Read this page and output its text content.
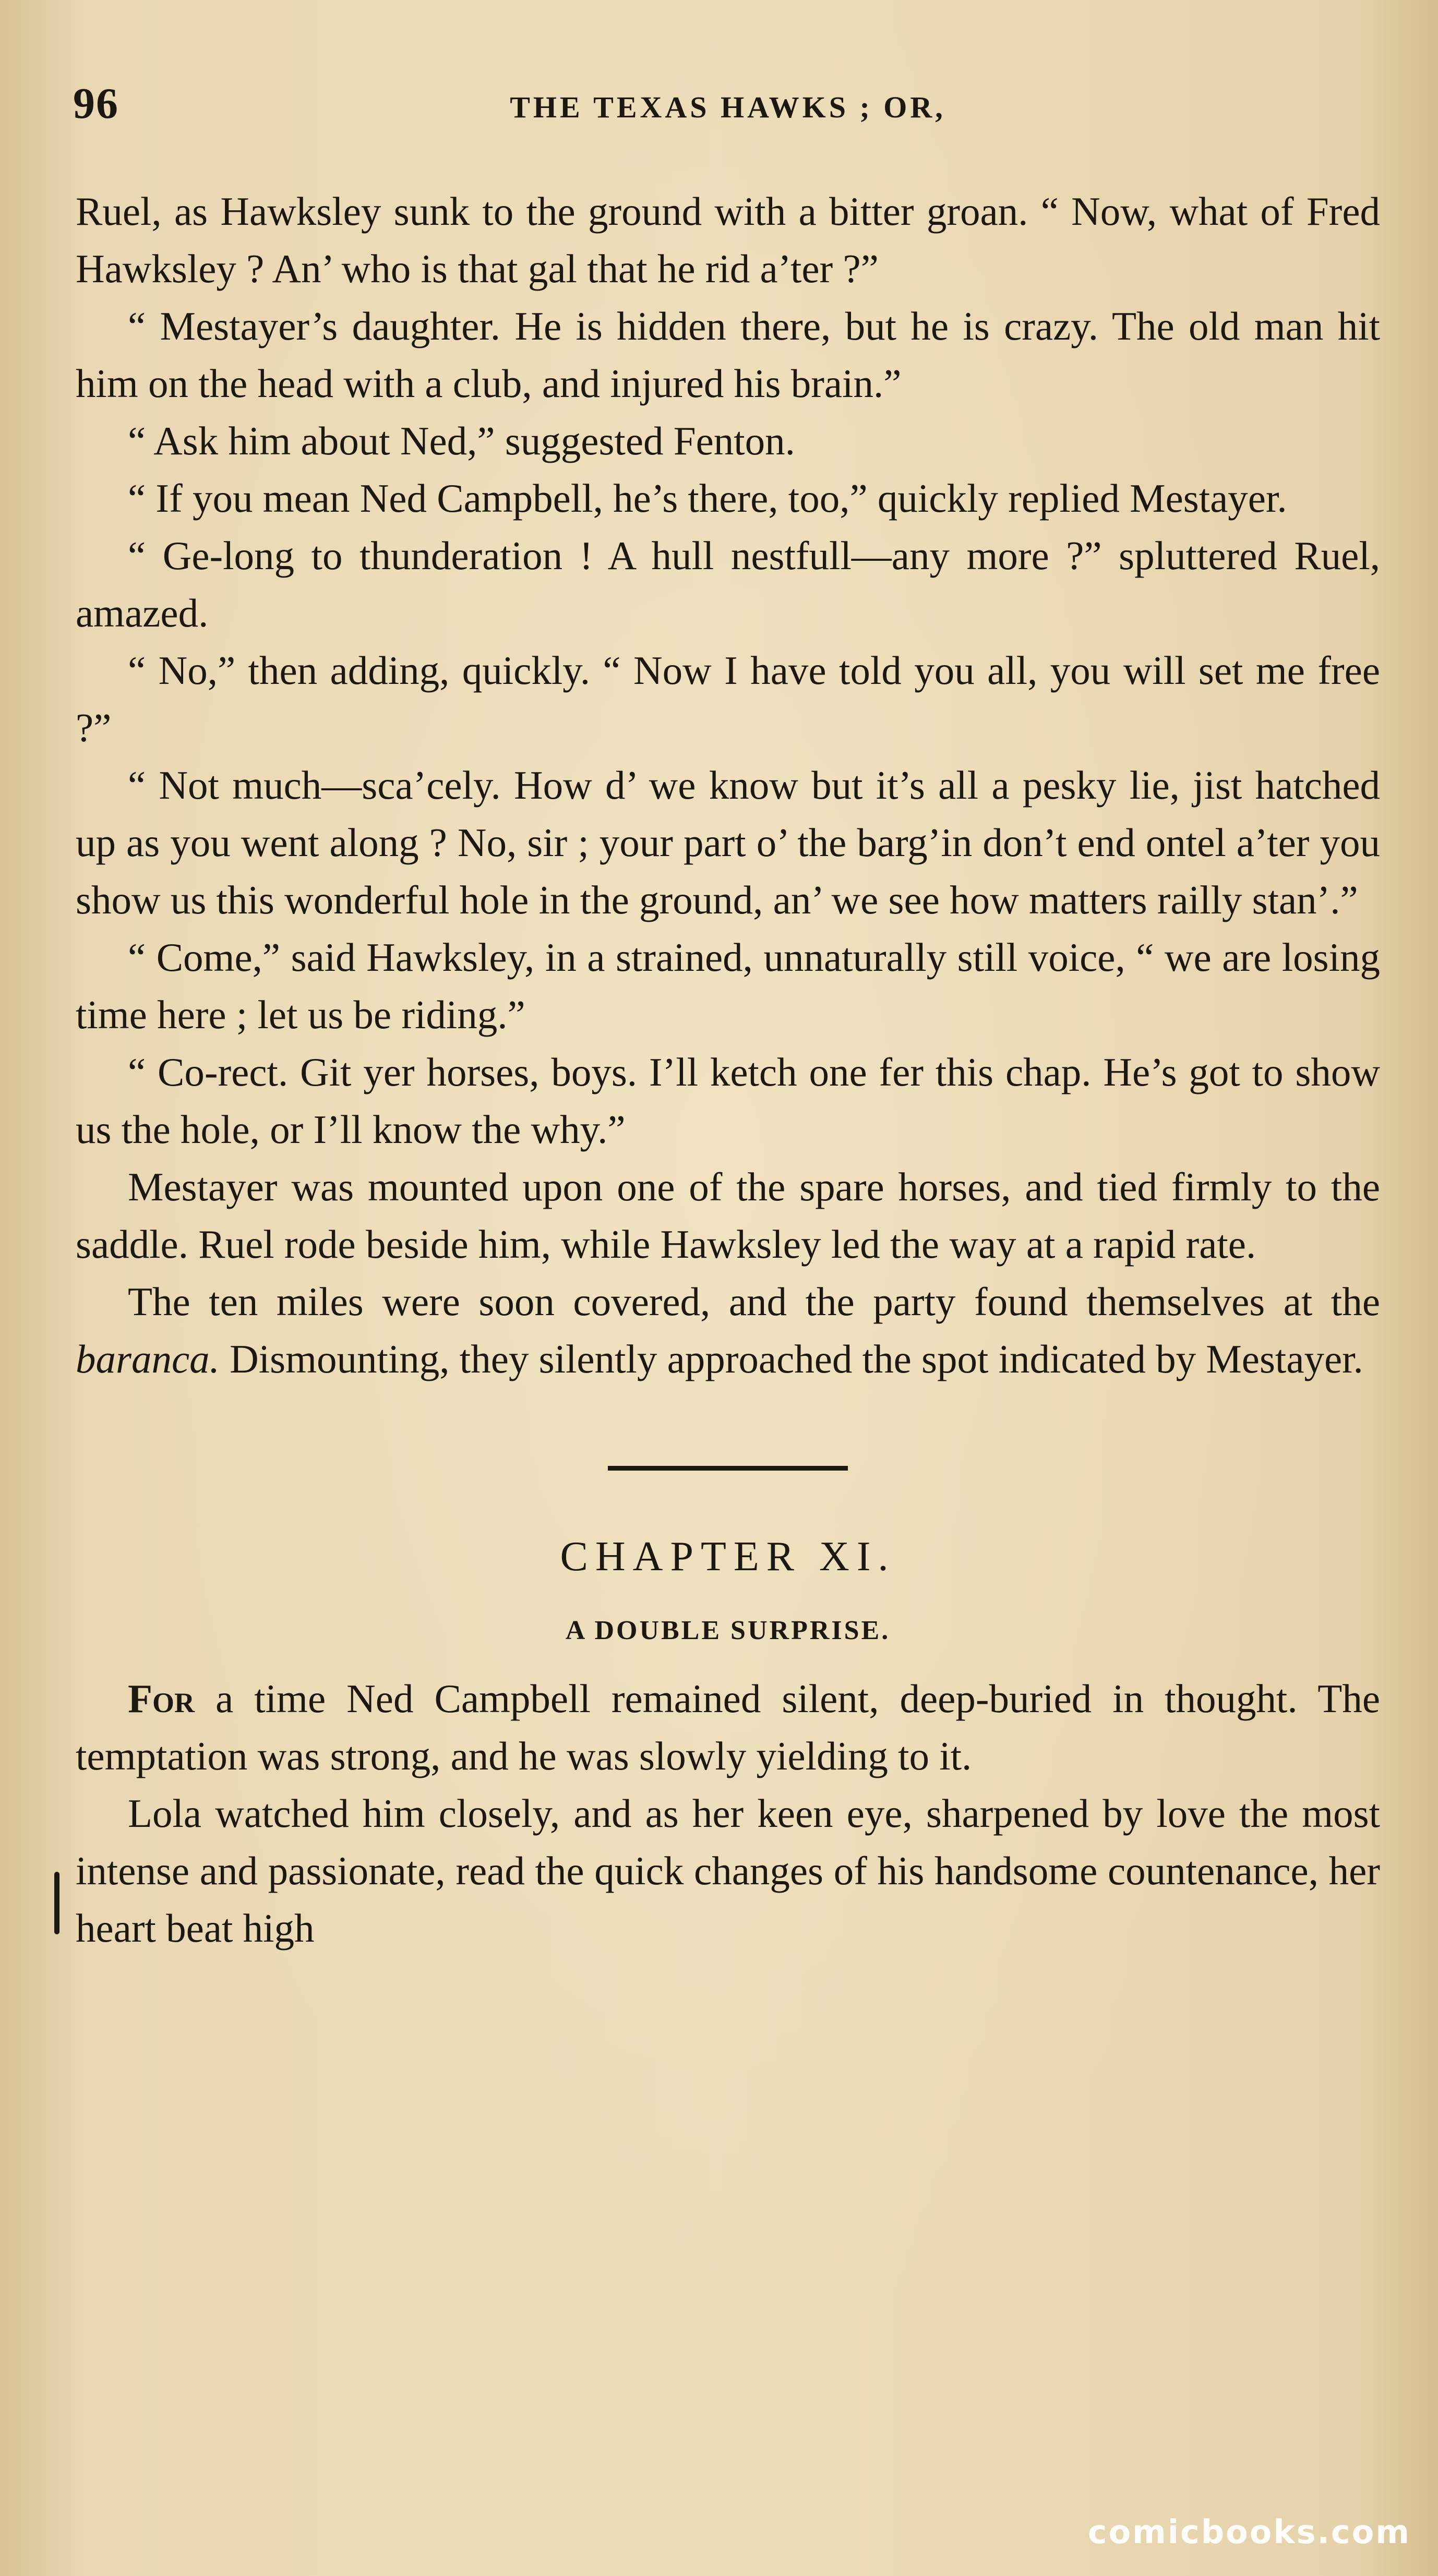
96	THE TEXAS HAWKS ; OR,

Ruel, as Hawksley sunk to the ground with a bitter groan. “ Now, what of Fred Hawksley ? An’ who is that gal that he rid a’ter ?”

“ Mestayer’s daughter. He is hidden there, but he is crazy. The old man hit him on the head with a club, and injured his brain.”

“ Ask him about Ned,” suggested Fenton.

“ If you mean Ned Campbell, he’s there, too,” quickly replied Mestayer.

“ Ge-long to thunderation ! A hull nestfull—any more ?” spluttered Ruel, amazed.

“ No,” then adding, quickly. “ Now I have told you all, you will set me free ?”

“ Not much—sca’cely. How d’ we know but it’s all a pesky lie, jist hatched up as you went along ? No, sir ; your part o’ the barg’in don’t end ontel a’ter you show us this wonderful hole in the ground, an’ we see how matters railly stan’.”

“ Come,” said Hawksley, in a strained, unnaturally still voice, “ we are losing time here ; let us be riding.”

“ Co-rect. Git yer horses, boys. I’ll ketch one fer this chap. He’s got to show us the hole, or I’ll know the why.”

Mestayer was mounted upon one of the spare horses, and tied firmly to the saddle. Ruel rode beside him, while Hawksley led the way at a rapid rate.

The ten miles were soon covered, and the party found themselves at the baranca. Dismounting, they silently approached the spot indicated by Mestayer.

CHAPTER XI.
A DOUBLE SURPRISE.

For a time Ned Campbell remained silent, deep-buried in thought. The temptation was strong, and he was slowly yielding to it.

Lola watched him closely, and as her keen eye, sharpened by love the most intense and passionate, read the quick changes of his handsome countenance, her heart beat high

comicbooks.com
